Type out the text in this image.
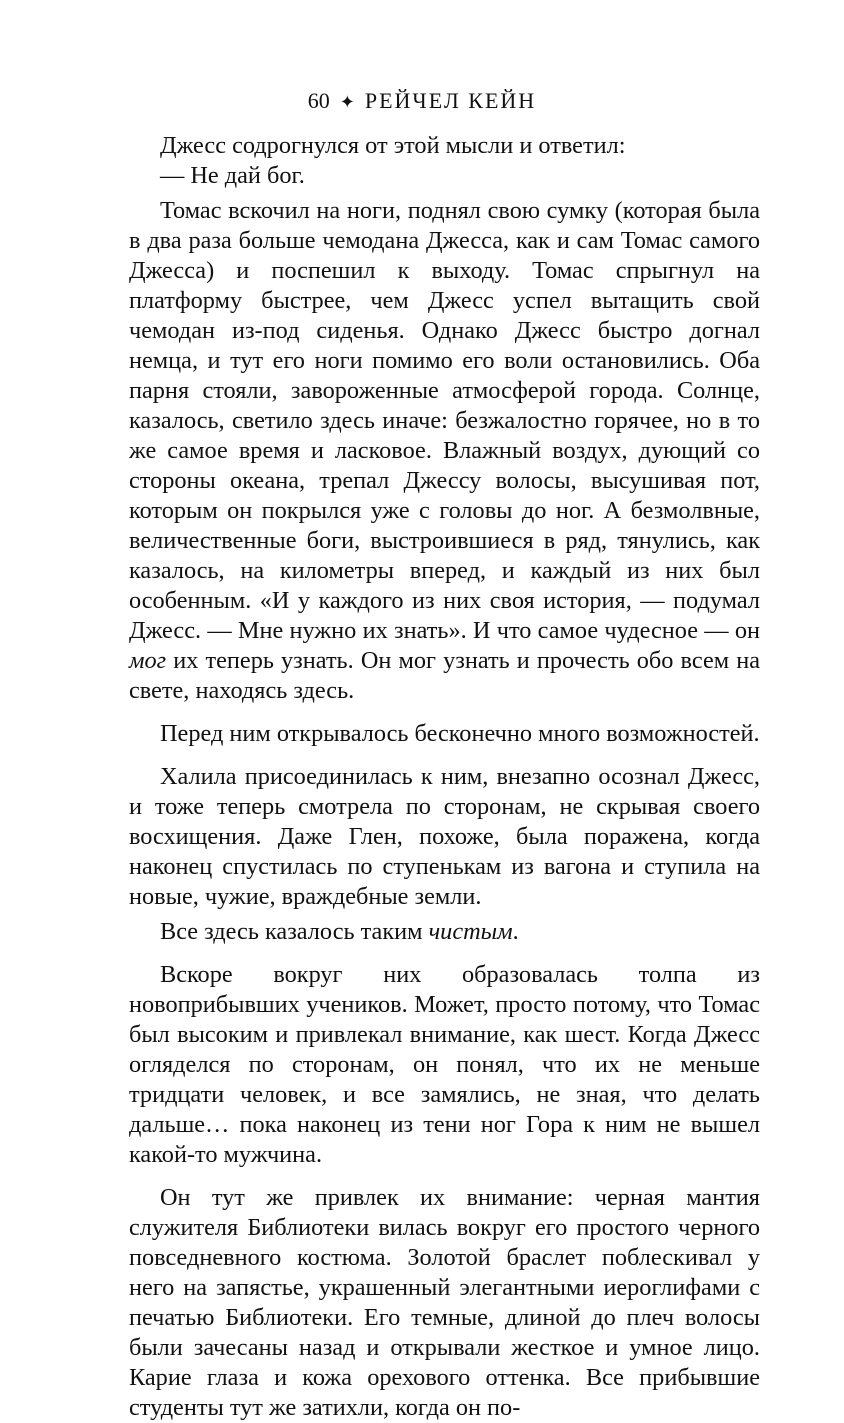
60 ✦ РЕЙЧЕЛ КЕЙН

Джесс содрогнулся от этой мысли и ответил:

— Не дай бог.

Томас вскочил на ноги, поднял свою сумку (которая была в два раза больше чемодана Джесса, как и сам Томас самого Джесса) и поспешил к выходу. Томас спрыгнул на платформу быстрее, чем Джесс успел вытащить свой чемодан из-под сиденья. Однако Джесс быстро догнал немца, и тут его ноги помимо его воли остановились. Оба парня стояли, завороженные атмосферой города. Солнце, казалось, светило здесь иначе: безжалостно горячее, но в то же самое время и ласковое. Влажный воздух, дующий со стороны океана, трепал Джессу волосы, высушивая пот, которым он покрылся уже с головы до ног. А безмолвные, величественные боги, выстроившиеся в ряд, тянулись, как казалось, на километры вперед, и каждый из них был особенным. «И у каждого из них своя история, — подумал Джесс. — Мне нужно их знать». И что самое чудесное — он мог их теперь узнать. Он мог узнать и прочесть обо всем на свете, находясь здесь.

Перед ним открывалось бесконечно много возможностей.

Халила присоединилась к ним, внезапно осознал Джесс, и тоже теперь смотрела по сторонам, не скрывая своего восхищения. Даже Глен, похоже, была поражена, когда наконец спустилась по ступенькам из вагона и ступила на новые, чужие, враждебные земли.

Все здесь казалось таким чистым.

Вскоре вокруг них образовалась толпа из новоприбывших учеников. Может, просто потому, что Томас был высоким и привлекал внимание, как шест. Когда Джесс огляделся по сторонам, он понял, что их не меньше тридцати человек, и все замялись, не зная, что делать дальше… пока наконец из тени ног Гора к ним не вышел какой-то мужчина.

Он тут же привлек их внимание: черная мантия служителя Библиотеки вилась вокруг его простого черного повседневного костюма. Золотой браслет поблескивал у него на запястье, украшенный элегантными иероглифами с печатью Библиотеки. Его темные, длиной до плеч волосы были зачесаны назад и открывали жесткое и умное лицо. Карие глаза и кожа орехового оттенка. Все прибывшие студенты тут же затихли, когда он по-
